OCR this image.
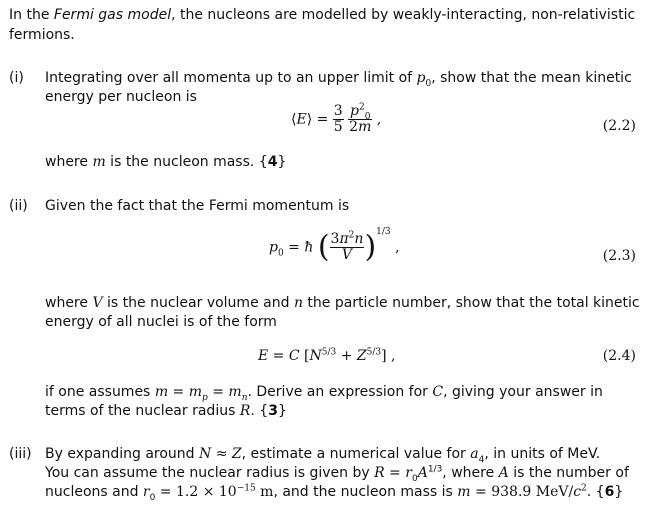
In the Fermi gas model, the nucleons are modelled by weakly-interacting, non-relativistic
fermions.
(i)	Integrating over all momenta up to an upper limit of $p_0$, show that the mean kinetic
energy per nucleon is
⟨E⟩ = $\frac{3}{5}$
$\frac{p^2_0}{2m}$ ,	(2.2)
where m is the nucleon mass. {4}
(ii)	Given the fact that the Fermi momentum is
$p_0$ = ħ ( $\frac{3\pi^2n}{V} )^{1/3}$ ,
(2.3)
where V is the nuclear volume and n the particle number, show that the total kinetic
energy of all nuclei is of the form
E = C $[N^{5/3} + Z^{5/3}]$ ,	(2.4)
if one assumes $m = m_p = m_n$. Derive an expression for C, giving your answer in
terms of the nuclear radius R. {3}
(iii) By expanding around N ≈ Z, estimate a numerical value for $a_4$, in units of MeV.
You can assume the nuclear radius is given by $R = r_0A^{1/3}$, where A is the number of
nucleons and $r_0 = 1.2 \times 10^{-15}$ m, and the nucleon mass is m = 938.9 MeV/$c^2$. {6}
